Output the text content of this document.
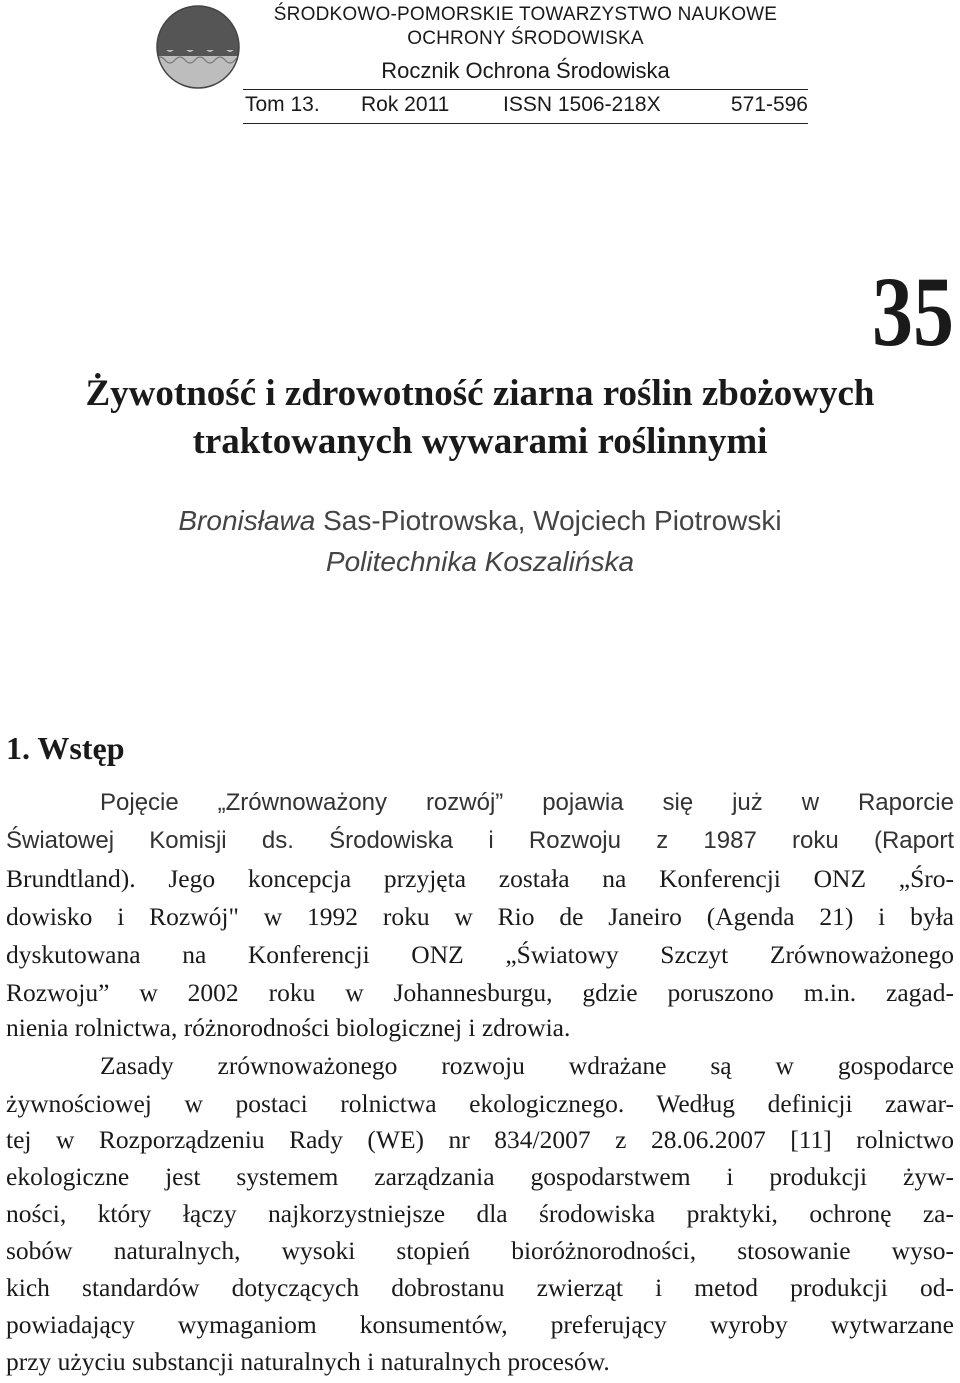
ŚRODKOWO-POMORSKIE TOWARZYSTWO NAUKOWE
OCHRONY ŚRODOWISKA
Rocznik Ochrona Środowiska
Tom 13. Rok 2011	ISSN 1506-218X	571-596
35
Żywotność i zdrowotność ziarna roślin zbożowych
traktowanych wywarami roślinnymi
Bronisława Sas-Piotrowska, Wojciech Piotrowski
Politechnika Koszalińska
1. Wstęp
Pojęcie „Zrównoważony rozwój” pojawia się już w Raporcie
Światowej Komisji ds. Środowiska i Rozwoju z 1987 roku (Raport
Brundtland). Jego koncepcja przyjęta została na Konferencji ONZ „Śro-
dowisko i Rozwój" w 1992 roku w Rio de Janeiro (Agenda 21) i była
dyskutowana na Konferencji ONZ „Światowy Szczyt Zrównoważonego
Rozwoju” w 2002 roku w Johannesburgu, gdzie poruszono m.in. zagad-
nienia rolnictwa, różnorodności biologicznej i zdrowia.
Zasady zrównoważonego rozwoju wdrażane są w gospodarce
żywnościowej w postaci rolnictwa ekologicznego. Według definicji zawar-
tej w Rozporządzeniu Rady (WE) nr 834/2007 z 28.06.2007 [11] rolnictwo
ekologiczne jest systemem zarządzania gospodarstwem i produkcji żyw-
ności, który łączy najkorzystniejsze dla środowiska praktyki, ochronę za-
sobów naturalnych, wysoki stopień bioróżnorodności, stosowanie wyso-
kich standardów dotyczących dobrostanu zwierząt i metod produkcji od-
powiadający wymaganiom konsumentów, preferujący wyroby wytwarzane
przy użyciu substancji naturalnych i naturalnych procesów.
